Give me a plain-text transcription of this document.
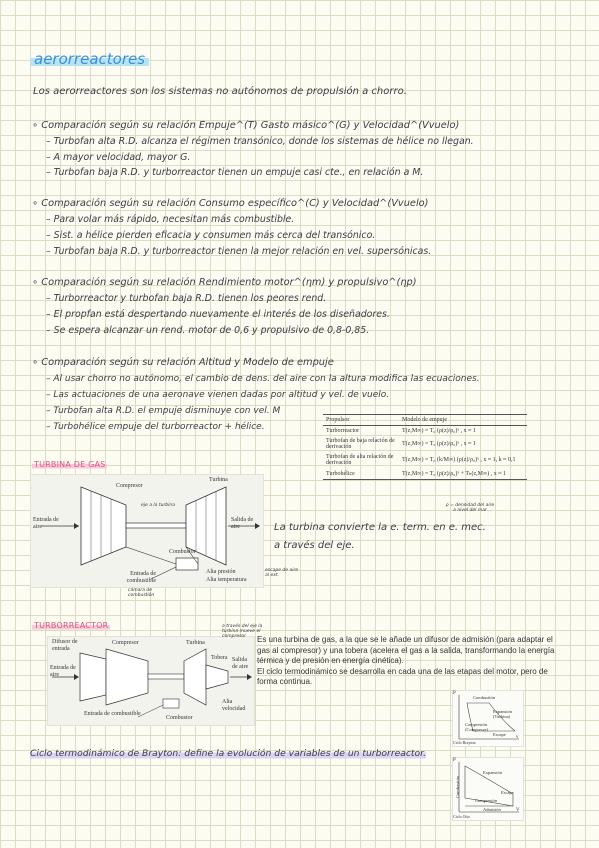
aerorreactores
Los aerorreactores son los sistemas no autónomos de propulsión a chorro.
∘ Comparación según su relación Empuje^(T) Gasto másico^(G) y Velocidad^(Vvuelo)
– Turbofan alta R.D. alcanza el régimen transónico, donde los sistemas de hélice no llegan.
– A mayor velocidad, mayor G.
– Turbofan baja R.D. y turborreactor tienen un empuje casi cte., en relación a M.
∘ Comparación según su relación Consumo específico^(C) y Velocidad^(Vvuelo)
– Para volar más rápido, necesitan más combustible.
– Sist. a hélice pierden eficacia y consumen más cerca del transónico.
– Turbofan baja R.D. y turborreactor tienen la mejor relación en vel. supersónicas.
∘ Comparación según su relación Rendimiento motor^(ηm) y propulsivo^(ηp)
– Turborreactor y turbofan baja R.D. tienen los peores rend.
– El propfan está despertando nuevamente el interés de los diseñadores.
– Se espera alcanzar un rend. motor de 0,6 y propulsivo de 0,8-0,85.
∘ Comparación según su relación Altitud y Modelo de empuje
– Al usar chorro no autónomo, el cambio de dens. del aire con la altura modifica las ecuaciones.
– Las actuaciones de una aeronave vienen dadas por altitud y vel. de vuelo.
– Turbofan alta R.D. el empuje disminuye con vel. M
– Turbohélice empuje del turborreactor + hélice.
Propulsor	Modelo de empuje
Turborreactor	T(z,M∞) = T₀ (ρ(z)/ρ₀)ˣ , x ≈ 1
Turbofan de baja relación de derivación	T(z,M∞) = T₀ (ρ(z)/ρ₀)ˣ , x ≈ 1
Turbofan de alta relación de derivación	T(z,M∞) = T₀ (k/M∞) (ρ(z)/ρ₀)ˣ , x ≈ 1, k ≈ 0,1
Turbohélice	T(z,M∞) = T₀ (ρ(z)/ρ₀)ˣ + Tₕ(z,M∞) , x ≈ 1
ρ = densidad del aire a nivel del mar
TURBINA DE GAS
Compresor
Turbina
Entrada de aire
Salida de aire
Combustor
Entrada de combustible
Alta presión
Alta temperatura
eje a la turbina
escape de aire al ext.
cámara de combustión
La turbina convierte la e. term. en e. mec.
a través del eje.
TURBORREACTOR
Difusor de entrada
Compresor	Turbina
Entrada de aire
Tobera Salida de aire
Entrada de combustible
Combustor
Alta velocidad
a través del eje la turbina mueve el compresor	Es una turbina de gas, a la que se le añade un difusor de admisión (para adaptar el gas al compresor) y una tobera (acelera el gas a la salida, transformando la energía térmica y de presión en energía cinética).
El ciclo termodinámico se desarrolla en cada una de las etapas del motor, pero de forma continua.
P
Combustión
Expansión (Turbina)
Compresión (Compresor)
Escape
v
Ciclo Brayton
Ciclo termodinámico de Brayton: define la evolución de variables de un turborreactor.
P
Expansión
Combustión	Escape
Compresión
Admisión	V
Ciclo Otto
